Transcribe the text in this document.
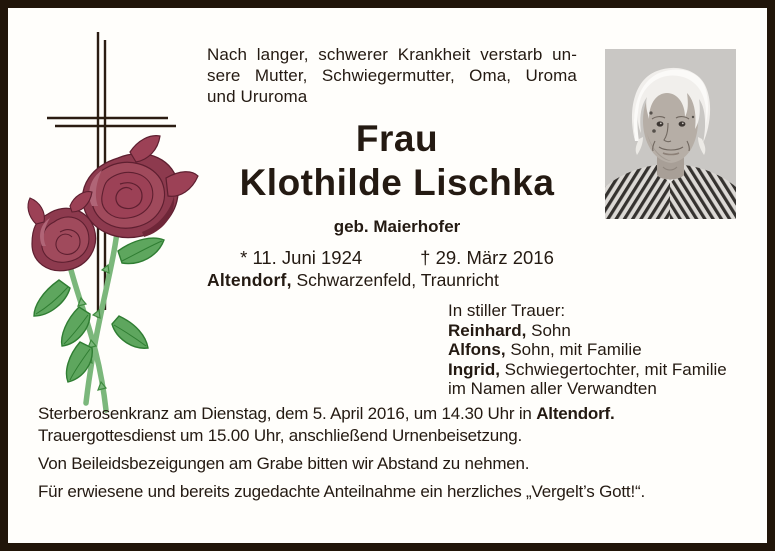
Nach langer, schwerer Krankheit verstarb un-
sere Mutter, Schwiegermutter, Oma, Uroma
und Ururoma
Frau
Klothilde Lischka
geb. Maierhofer
* 11. Juni 1924	† 29. März 2016
Altendorf, Schwarzenfeld, Traunricht
In stiller Trauer:
Reinhard, Sohn
Alfons, Sohn, mit Familie
Ingrid, Schwiegertochter, mit Familie
im Namen aller Verwandten
Sterberosenkranz am Dienstag, dem 5. April 2016, um 14.30 Uhr in Altendorf.
Trauergottesdienst um 15.00 Uhr, anschließend Urnenbeisetzung.
Von Beileidsbezeigungen am Grabe bitten wir Abstand zu nehmen.
Für erwiesene und bereits zugedachte Anteilnahme ein herzliches „Vergelt’s Gott!“.
